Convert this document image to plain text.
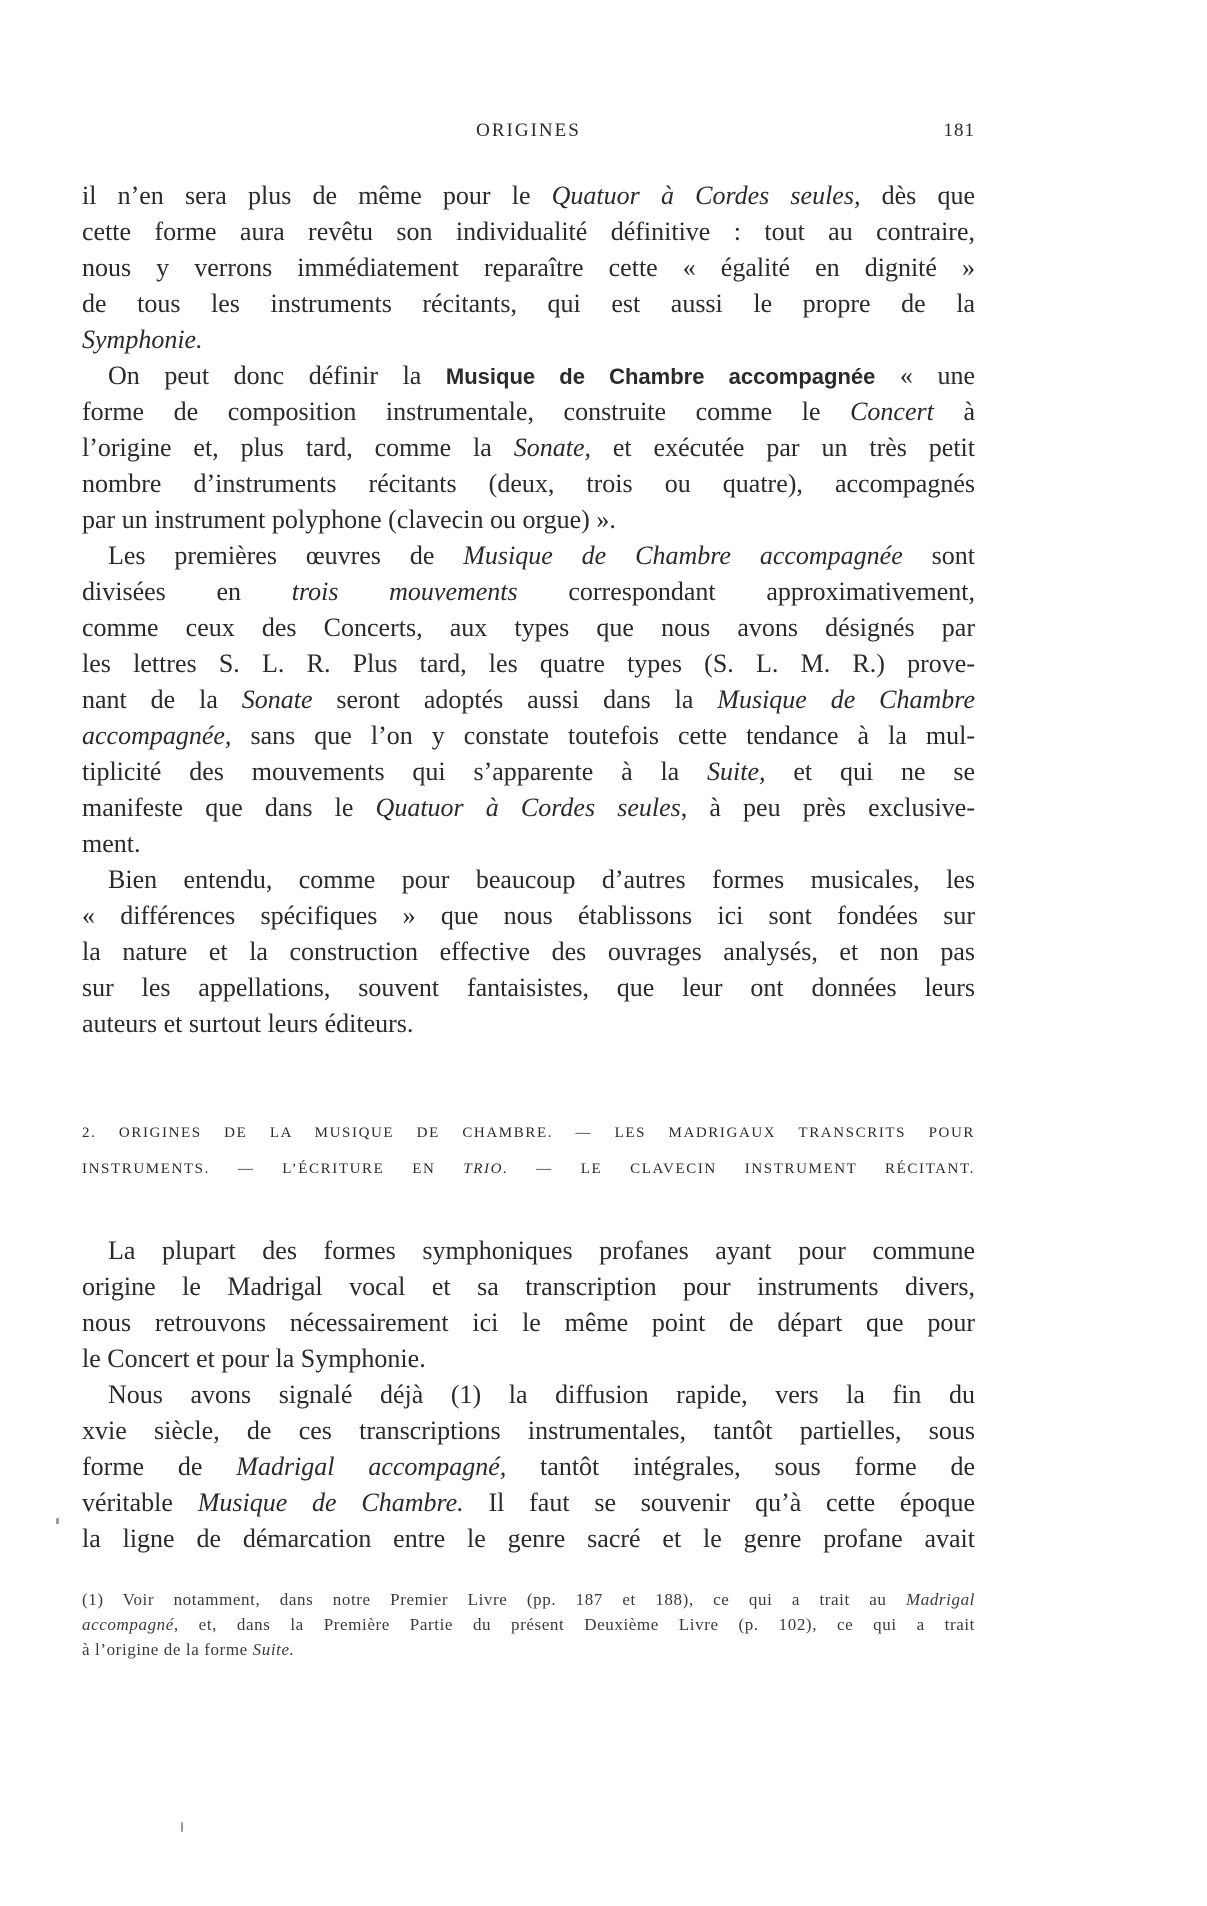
ORIGINES	181
il n’en sera plus de même pour le Quatuor à Cordes seules, dès que
cette forme aura revêtu son individualité définitive : tout au contraire,
nous y verrons immédiatement reparaître cette « égalité en dignité »
de tous les instruments récitants, qui est aussi le propre de la
Symphonie.
On peut donc définir la Musique de Chambre accompagnée « une
forme de composition instrumentale, construite comme le Concert à
l’origine et, plus tard, comme la Sonate, et exécutée par un très petit
nombre d’instruments récitants (deux, trois ou quatre), accompagnés
par un instrument polyphone (clavecin ou orgue) ».
Les premières œuvres de Musique de Chambre accompagnée sont
divisées en trois mouvements correspondant approximativement,
comme ceux des Concerts, aux types que nous avons désignés par
les lettres S. L. R. Plus tard, les quatre types (S. L. M. R.) prove-
nant de la Sonate seront adoptés aussi dans la Musique de Chambre
accompagnée, sans que l’on y constate toutefois cette tendance à la mul-
tiplicité des mouvements qui s’apparente à la Suite, et qui ne se
manifeste que dans le Quatuor à Cordes seules, à peu près exclusive-
ment.
Bien entendu, comme pour beaucoup d’autres formes musicales, les
« différences spécifiques » que nous établissons ici sont fondées sur
la nature et la construction effective des ouvrages analysés, et non pas
sur les appellations, souvent fantaisistes, que leur ont données leurs
auteurs et surtout leurs éditeurs.
2. ORIGINES DE LA MUSIQUE DE CHAMBRE. — LES MADRIGAUX TRANSCRITS POUR
INSTRUMENTS. — L’ÉCRITURE EN TRIO. — LE CLAVECIN INSTRUMENT RÉCITANT.
La plupart des formes symphoniques profanes ayant pour commune
origine le Madrigal vocal et sa transcription pour instruments divers,
nous retrouvons nécessairement ici le même point de départ que pour
le Concert et pour la Symphonie.
Nous avons signalé déjà (1) la diffusion rapide, vers la fin du
xvie siècle, de ces transcriptions instrumentales, tantôt partielles, sous
forme de Madrigal accompagné, tantôt intégrales, sous forme de
véritable Musique de Chambre. Il faut se souvenir qu’à cette époque
la ligne de démarcation entre le genre sacré et le genre profane avait
(1) Voir notamment, dans notre Premier Livre (pp. 187 et 188), ce qui a trait au Madrigal
accompagné, et, dans la Première Partie du présent Deuxième Livre (p. 102), ce qui a trait
à l’origine de la forme Suite.
